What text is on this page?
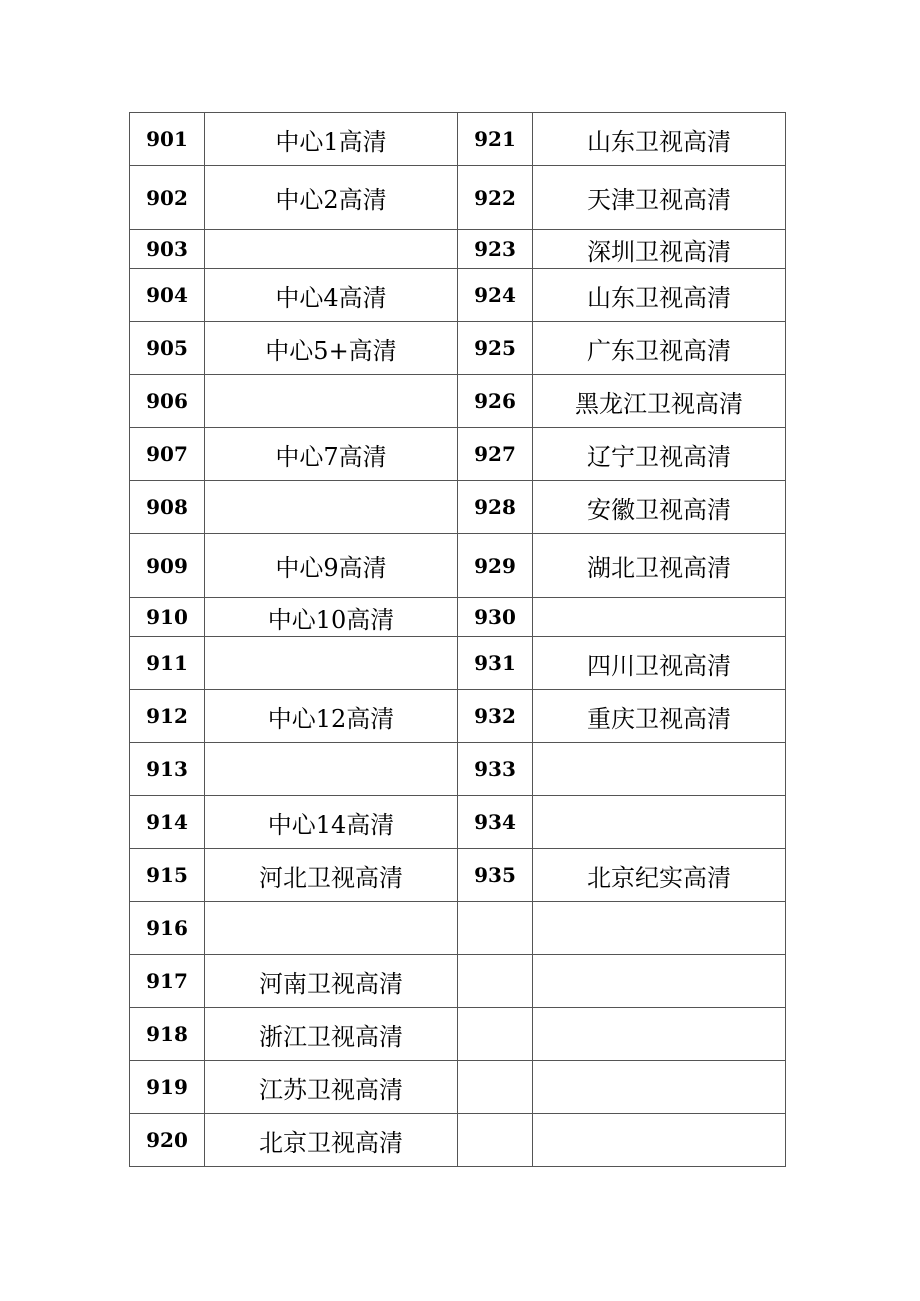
901	中心1高清	921	山东卫视高清
902	中心2高清	922	天津卫视高清
903		923	深圳卫视高清
904	中心4高清	924	山东卫视高清
905	中心5+高清	925	广东卫视高清
906		926	黑龙江卫视高清
907	中心7高清	927	辽宁卫视高清
908		928	安徽卫视高清
909	中心9高清	929	湖北卫视高清
910	中心10高清	930	
911		931	四川卫视高清
912	中心12高清	932	重庆卫视高清
913		933	
914	中心14高清	934	
915	河北卫视高清	935	北京纪实高清
916			
917	河南卫视高清		
918	浙江卫视高清		
919	江苏卫视高清		
920	北京卫视高清		
